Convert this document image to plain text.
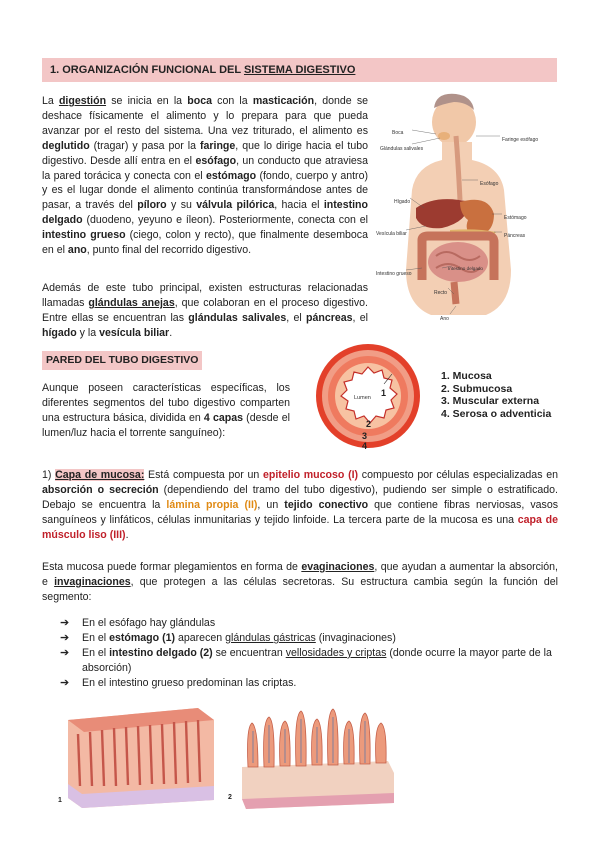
1. ORGANIZACIÓN FUNCIONAL DEL SISTEMA DIGESTIVO

La digestión se inicia en la boca con la masticación, donde se deshace físicamente el alimento y lo prepara para que pueda avanzar por el resto del sistema. Una vez triturado, el alimento es deglutido (tragar) y pasa por la faringe, que lo dirige hacia el tubo digestivo. Desde allí entra en el esófago, un conducto que atraviesa la pared torácica y conecta con el estómago (fondo, cuerpo y antro) y es el lugar donde el alimento continúa transformándose antes de pasar, a través del píloro y su válvula pilórica, hacia el intestino delgado (duodeno, yeyuno e íleon). Posteriormente, conecta con el intestino grueso (ciego, colon y recto), que finalmente desemboca en el ano, punto final del recorrido digestivo.

Además de este tubo principal, existen estructuras relacionadas llamadas glándulas anejas, que colaboran en el proceso digestivo. Entre ellas se encuentran las glándulas salivales, el páncreas, el hígado y la vesícula biliar.

Boca
Faringe esófago
Glándulas salivales
Esófago
Hígado
Estómago
Vesícula biliar	Páncreas
Intestino grueso
Intestino delgado
Recto
Ano
PARED DEL TUBO DIGESTIVO

Aunque poseen características específicas, los diferentes segmentos del tubo digestivo comparten una estructura básica, dividida en 4 capas (desde el lumen/luz hacia el torrente sanguíneo):

Lumen 1
2
3
4
1. Mucosa
2. Submucosa
3. Muscular externa
4. Serosa o adventicia

1) Capa de mucosa: Está compuesta por un epitelio mucoso (I) compuesto por células especializadas en absorción o secreción (dependiendo del tramo del tubo digestivo), pudiendo ser simple o estratificado. Debajo se encuentra la lámina propia (II), un tejido conectivo que contiene fibras nerviosas, vasos sanguíneos y linfáticos, células inmunitarias y tejido linfoide. La tercera parte de la mucosa es una capa de músculo liso (III).

Esta mucosa puede formar plegamientos en forma de evaginaciones, que ayudan a aumentar la absorción, e invaginaciones, que protegen a las células secretoras. Su estructura cambia según la función del segmento:

➔ En el esófago hay glándulas
➔ En el estómago (1) aparecen glándulas gástricas (invaginaciones)
➔ En el intestino delgado (2) se encuentran vellosidades y criptas (donde ocurre la mayor parte de la absorción)
➔ En el intestino grueso predominan las criptas.
1	2
